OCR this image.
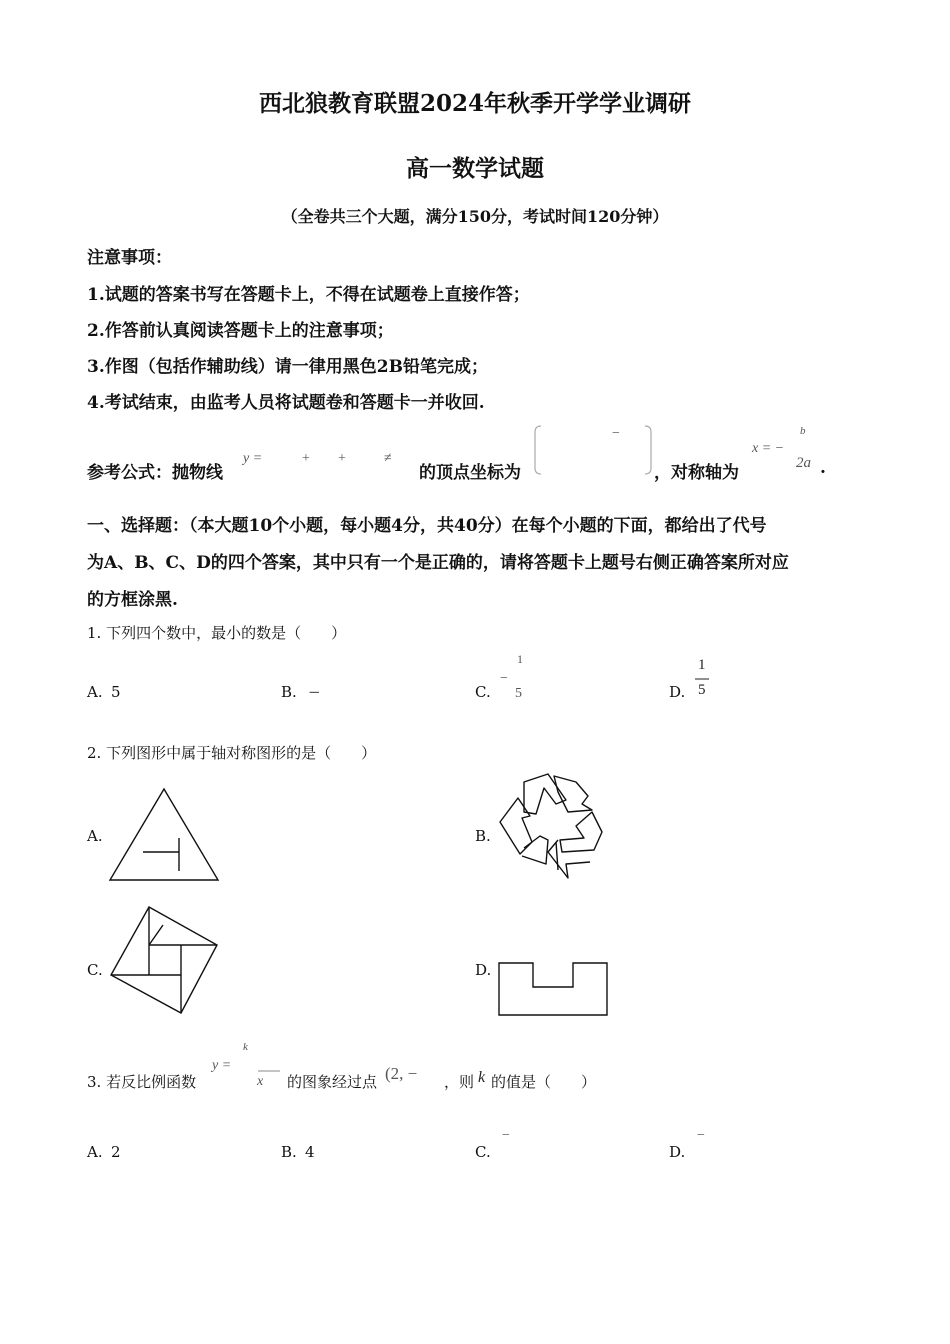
西北狼教育联盟2024年秋季开学学业调研
高一数学试题
（全卷共三个大题，满分150分，考试时间120分钟）
注意事项：
1.试题的答案书写在答题卡上，不得在试题卷上直接作答；
2.作答前认真阅读答题卡上的注意事项；
3.作图（包括作辅助线）请一律用黑色2B铅笔完成；
4.考试结束，由监考人员将试题卷和答题卡一并收回.
参考公式：抛物线
y =	+ +	≠
的顶点坐标为
−
，对称轴为
x = −
b
2a .
一、选择题：（本大题10个小题，每小题4分，共40分）在每个小题的下面，都给出了代号
为A、B、C、D的四个答案，其中只有一个是正确的，请将答题卡上题号右侧正确答案所对应
的方框涂黑.
1. 下列四个数中，最小的数是（　　）
A. 5	B. −	C.
−
1
5	D.
1
5
2. 下列图形中属于轴对称图形的是（　　）
A.	B.
C.	D.
3. 若反比例函数
y =
k
x 的图象经过点 (2, − ，则 k 的值是（　　）
A. 2	B. 4	C.
−
D.
−
